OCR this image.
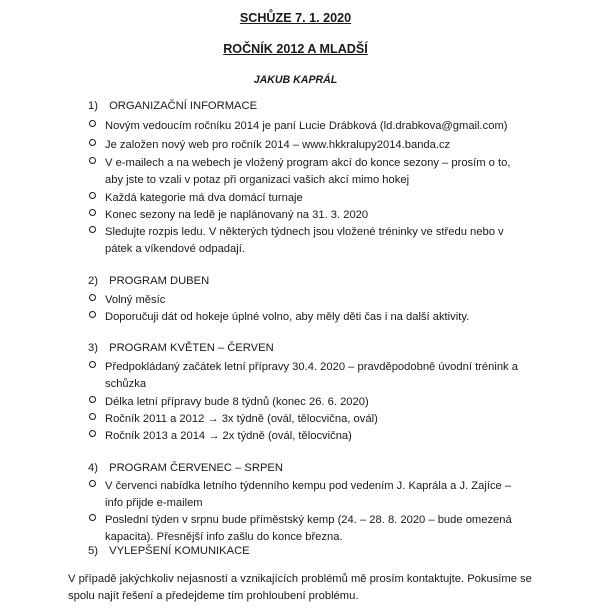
SCHŮZE 7. 1. 2020
ROČNÍK 2012 A MLADŠÍ
JAKUB KAPRÁL
1) ORGANIZAČNÍ INFORMACE
Novým vedoucím ročníku 2014 je paní Lucie Drábková (ld.drabkova@gmail.com)
Je založen nový web pro ročník 2014 – www.hkkralupy2014.banda.cz
V e-mailech a na webech je vložený program akcí do konce sezony – prosím o to, aby jste to vzali v potaz při organizaci vašich akcí mimo hokej
Každá kategorie má dva domácí turnaje
Konec sezony na ledě je naplánovaný na 31. 3. 2020
Sledujte rozpis ledu. V některých týdnech jsou vložené tréninky ve středu nebo v pátek a víkendové odpadají.
2) PROGRAM DUBEN
Volný měsíc
Doporučuji dát od hokeje úplné volno, aby měly děti čas i na další aktivity.
3) PROGRAM KVĚTEN – ČERVEN
Předpokládaný začátek letní přípravy 30.4. 2020 – pravděpodobně úvodní trénink a schůzka
Délka letní přípravy bude 8 týdnů (konec 26. 6. 2020)
Ročník 2011 a 2012 → 3x týdně (ovál, tělocvična, ovál)
Ročník 2013 a 2014 → 2x týdně (ovál, tělocvična)
4) PROGRAM ČERVENEC – SRPEN
V červenci nabídka letního týdenního kempu pod vedením J. Kaprála a J. Zajíce – info přijde e-mailem
Poslední týden v srpnu bude příměstský kemp (24. – 28. 8. 2020 – bude omezená kapacita). Přesnější info zašlu do konce března.
5) VYLEPŠENÍ KOMUNIKACE
V případě jakýchkoliv nejasností a vznikajících problémů mě prosím kontaktujte. Pokusíme se spolu najít řešení a předejdeme tím prohloubení problému.
